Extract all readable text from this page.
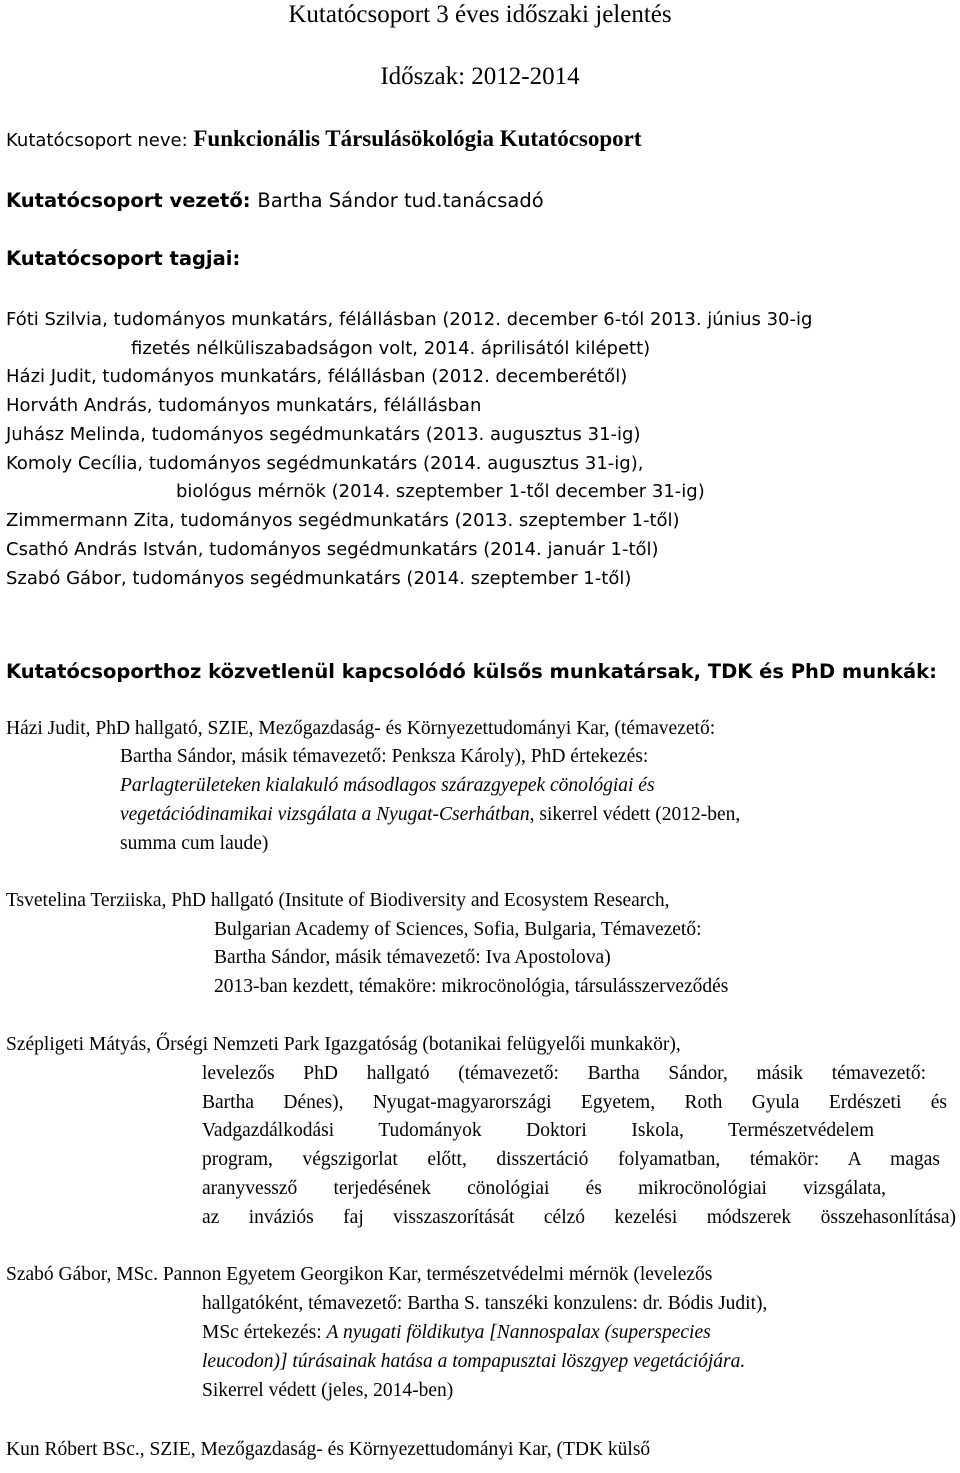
Kutatócsoport 3 éves időszaki jelentés
Időszak: 2012-2014
Kutatócsoport neve: Funkcionális Társulásökológia Kutatócsoport
Kutatócsoport vezető: Bartha Sándor tud.tanácsadó
Kutatócsoport tagjai:
Fóti Szilvia, tudományos munkatárs, félállásban (2012. december 6-tól 2013. június 30-ig
fizetés nélküliszabadságon volt, 2014. áprilisától kilépett)
Házi Judit, tudományos munkatárs, félállásban (2012. decemberétől)
Horváth András, tudományos munkatárs, félállásban
Juhász Melinda, tudományos segédmunkatárs (2013. augusztus 31-ig)
Komoly Cecília, tudományos segédmunkatárs (2014. augusztus 31-ig),
biológus mérnök (2014. szeptember 1-től december 31-ig)
Zimmermann Zita, tudományos segédmunkatárs (2013. szeptember 1-től)
Csathó András István, tudományos segédmunkatárs (2014. január 1-től)
Szabó Gábor, tudományos segédmunkatárs (2014. szeptember 1-től)
Kutatócsoporthoz közvetlenül kapcsolódó külsős munkatársak, TDK és PhD munkák:
Házi Judit, PhD hallgató, SZIE, Mezőgazdaság- és Környezettudományi Kar, (témavezető:
Bartha Sándor, másik témavezető: Penksza Károly), PhD értekezés:
Parlagterületeken kialakuló másodlagos szárazgyepek cönológiai és
vegetációdinamikai vizsgálata a Nyugat-Cserhátban, sikerrel védett (2012-ben,
summa cum laude)
Tsvetelina Terziiska, PhD hallgató (Insitute of Biodiversity and Ecosystem Research,
Bulgarian Academy of Sciences, Sofia, Bulgaria, Témavezető:
Bartha Sándor, másik témavezető: Iva Apostolova)
2013-ban kezdett, témaköre: mikrocönológia, társulásszerveződés
Szépligeti Mátyás, Őrségi Nemzeti Park Igazgatóság (botanikai felügyelői munkakör),
levelezős PhD hallgató (témavezető: Bartha Sándor, másik témavezető:
Bartha Dénes), Nyugat-magyarországi Egyetem, Roth Gyula Erdészeti és
Vadgazdálkodási Tudományok Doktori Iskola, Természetvédelem
program, végszigorlat előtt, disszertáció folyamatban, témakör: A magas
aranyvessző terjedésének cönológiai és mikrocönológiai vizsgálata,
az inváziós faj visszaszorítását célzó kezelési módszerek összehasonlítása)
Szabó Gábor, MSc. Pannon Egyetem Georgikon Kar, természetvédelmi mérnök (levelezős
hallgatóként, témavezető: Bartha S. tanszéki konzulens: dr. Bódis Judit),
MSc értekezés: A nyugati földikutya [Nannospalax (superspecies
leucodon)] túrásainak hatása a tompapusztai löszgyep vegetációjára.
Sikerrel védett (jeles, 2014-ben)
Kun Róbert BSc., SZIE, Mezőgazdaság- és Környezettudományi Kar, (TDK külső
